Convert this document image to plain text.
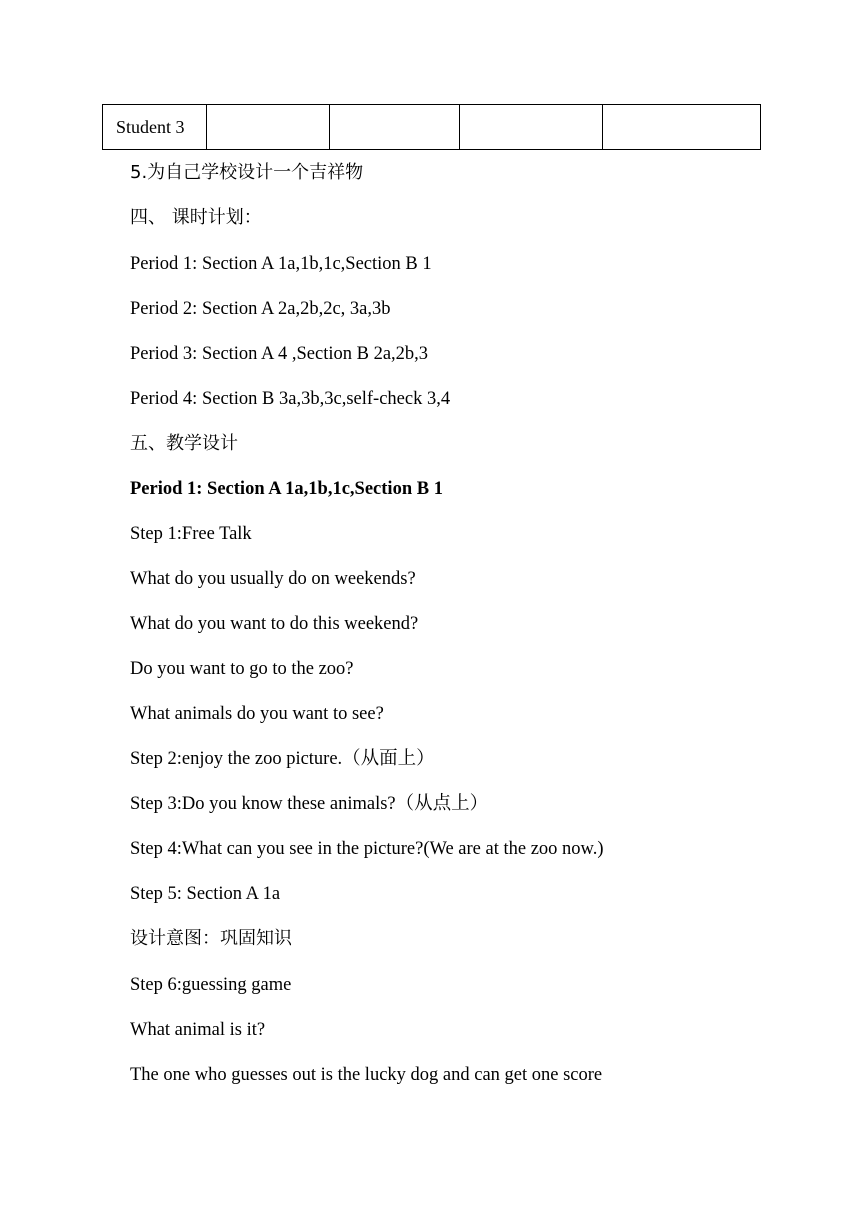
Student 3				
5.为自己学校设计一个吉祥物
四、 课时计划：
Period 1: Section A 1a,1b,1c,Section B 1
Period 2: Section A 2a,2b,2c, 3a,3b
Period 3: Section A 4 ,Section B 2a,2b,3
Period 4: Section B 3a,3b,3c,self-check 3,4
五、教学设计
Period 1: Section A 1a,1b,1c,Section B 1
Step 1:Free Talk
What do you usually do on weekends?
What do you want to do this weekend?
Do you want to go to the zoo?
What animals do you want to see?
Step 2:enjoy the zoo picture.（从面上）
Step 3:Do you know these animals?（从点上）
Step 4:What can you see in the picture?(We are at the zoo now.)
Step 5: Section A 1a
设计意图：巩固知识
Step 6:guessing game
What animal is it?
The one who guesses out is the lucky dog and can get one score
